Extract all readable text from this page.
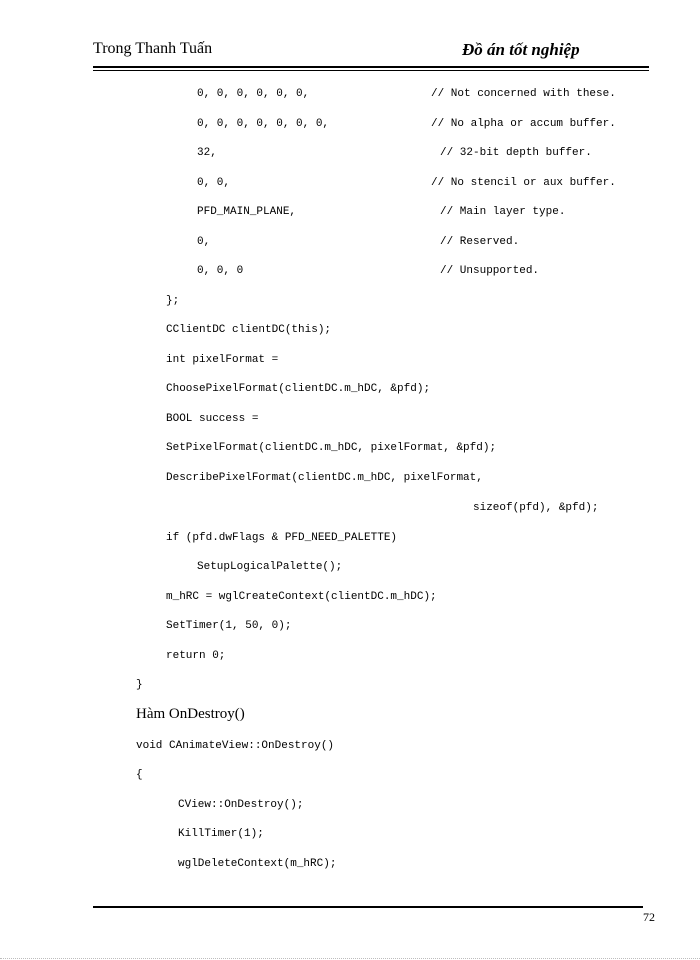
Trong Thanh Tuấn	Đồ án tốt nghiệp
0, 0, 0, 0, 0, 0,	// Not concerned with these.
0, 0, 0, 0, 0, 0, 0,	// No alpha or accum buffer.
32,	// 32-bit depth buffer.
0, 0,	// No stencil or aux buffer.
PFD_MAIN_PLANE,	// Main layer type.
0,	// Reserved.
0, 0, 0	// Unsupported.
};
CClientDC clientDC(this);
int pixelFormat =
ChoosePixelFormat(clientDC.m_hDC, &pfd);
BOOL success =
SetPixelFormat(clientDC.m_hDC, pixelFormat, &pfd);
DescribePixelFormat(clientDC.m_hDC, pixelFormat,
sizeof(pfd), &pfd);
if (pfd.dwFlags & PFD_NEED_PALETTE)
SetupLogicalPalette();
m_hRC = wglCreateContext(clientDC.m_hDC);
SetTimer(1, 50, 0);
return 0;
}
Hàm OnDestroy()
void CAnimateView::OnDestroy()
{
CView::OnDestroy();
KillTimer(1);
wglDeleteContext(m_hRC);
72
